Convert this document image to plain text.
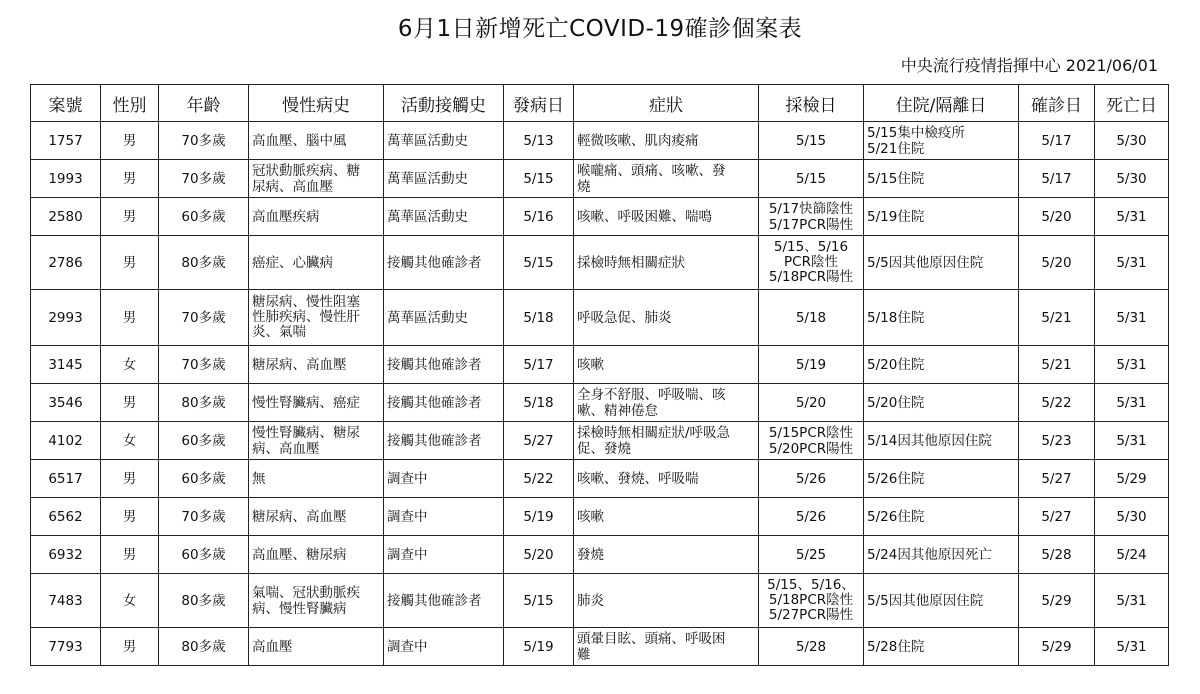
6月1日新增死亡COVID-19確診個案表
中央流行疫情指揮中心 2021/06/01
案號	性別	年齡	慢性病史	活動接觸史	發病日	症狀	採檢日	住院/隔離日	確診日	死亡日
1757	男	70多歲	高血壓、腦中風	萬華區活動史	5/13	輕微咳嗽、肌肉痠痛	5/15	5/15集中檢疫所
5/21住院	5/17	5/30
1993	男	70多歲	冠狀動脈疾病、糖
尿病、高血壓	萬華區活動史	5/15	喉嚨痛、頭痛、咳嗽、發
燒	5/15	5/15住院	5/17	5/30
2580	男	60多歲	高血壓疾病	萬華區活動史	5/16	咳嗽、呼吸困難、喘鳴	5/17快篩陰性
5/17PCR陽性	5/19住院	5/20	5/31
2786	男	80多歲	癌症、心臟病	接觸其他確診者	5/15	採檢時無相關症狀	5/15、5/16
PCR陰性
5/18PCR陽性	5/5因其他原因住院	5/20	5/31
2993	男	70多歲	糖尿病、慢性阻塞
性肺疾病、慢性肝
炎、氣喘	萬華區活動史	5/18	呼吸急促、肺炎	5/18	5/18住院	5/21	5/31
3145	女	70多歲	糖尿病、高血壓	接觸其他確診者	5/17	咳嗽	5/19	5/20住院	5/21	5/31
3546	男	80多歲	慢性腎臟病、癌症	接觸其他確診者	5/18	全身不舒服、呼吸喘、咳
嗽、精神倦怠	5/20	5/20住院	5/22	5/31
4102	女	60多歲	慢性腎臟病、糖尿
病、高血壓	接觸其他確診者	5/27	採檢時無相關症狀/呼吸急
促、發燒	5/15PCR陰性
5/20PCR陽性	5/14因其他原因住院	5/23	5/31
6517	男	60多歲	無	調查中	5/22	咳嗽、發燒、呼吸喘	5/26	5/26住院	5/27	5/29
6562	男	70多歲	糖尿病、高血壓	調查中	5/19	咳嗽	5/26	5/26住院	5/27	5/30
6932	男	60多歲	高血壓、糖尿病	調查中	5/20	發燒	5/25	5/24因其他原因死亡	5/28	5/24
7483	女	80多歲	氣喘、冠狀動脈疾
病、慢性腎臟病	接觸其他確診者	5/15	肺炎	5/15、5/16、
5/18PCR陰性
5/27PCR陽性	5/5因其他原因住院	5/29	5/31
7793	男	80多歲	高血壓	調查中	5/19	頭暈目眩、頭痛、呼吸困
難	5/28	5/28住院	5/29	5/31
